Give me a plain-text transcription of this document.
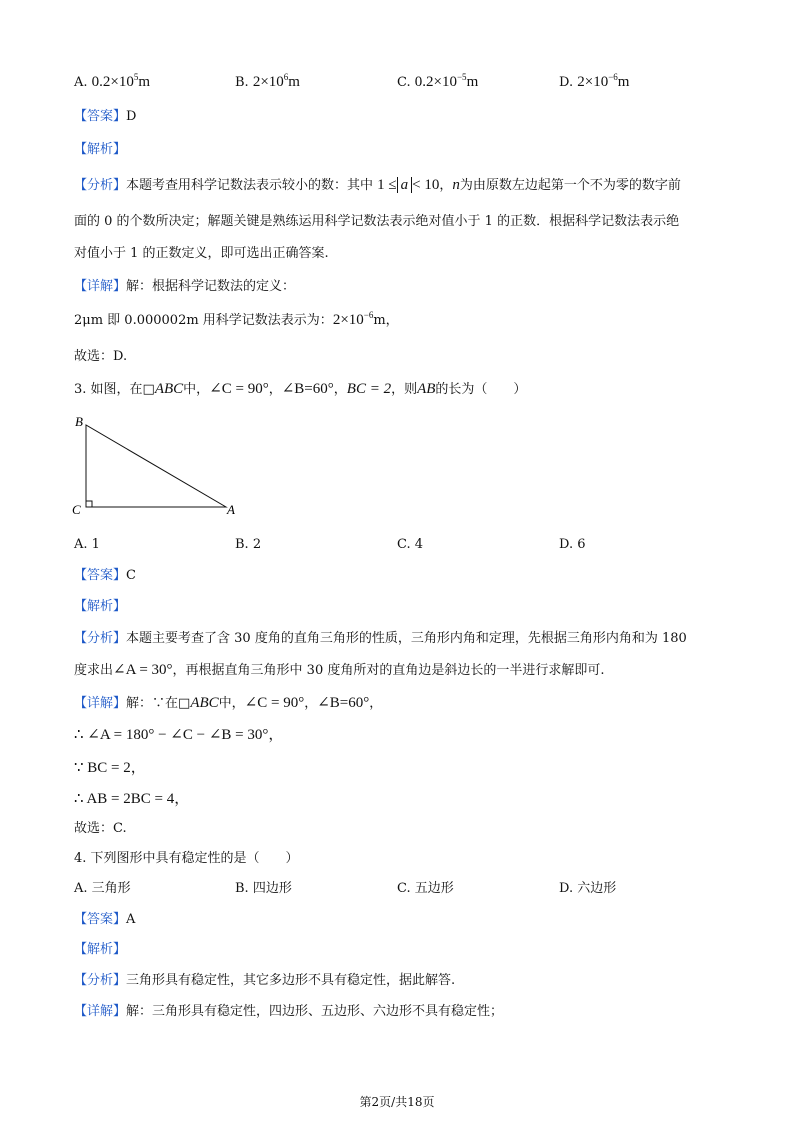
A. $0.2\times 10^5m$	B. $2\times 10^6m$	C. $0.2\times 10^{-5}m$	D. $2\times 10^{-6}m$
【答案】D
【解析】
【分析】本题考查用科学记数法表示较小的数：其中 1 ≤ a < 10，n为由原数左边起第一个不为零的数字前
面的 0 的个数所决定；解题关键是熟练运用科学记数法表示绝对值小于 1 的正数．根据科学记数法表示绝
对值小于 1 的正数定义，即可选出正确答案.
【详解】解：根据科学记数法的定义：
2μm 即 0.000002m 用科学记数法表示为：$2\times 10^{-6}m$，
故选：D.
3. 如图，在□ABC中，∠C = 90°，∠B=60°，BC = 2，则AB的长为（　　）
B
C	A
A. 1	B. 2	C. 4	D. 6
【答案】C
【解析】
【分析】本题主要考查了含 30 度角的直角三角形的性质，三角形内角和定理，先根据三角形内角和为 180
度求出∠A = 30°，再根据直角三角形中 30 度角所对的直角边是斜边长的一半进行求解即可.
【详解】解：∵在□ABC中，∠C = 90°，∠B=60°，
∴ ∠A = 180° − ∠C − ∠B = 30°，
∵ BC = 2，
∴ AB = 2BC = 4，
故选：C.
4. 下列图形中具有稳定性的是（　　）
A. 三角形	B. 四边形	C. 五边形	D. 六边形
【答案】A
【解析】
【分析】三角形具有稳定性，其它多边形不具有稳定性，据此解答.
【详解】解：三角形具有稳定性，四边形、五边形、六边形不具有稳定性；
第2页/共18页
